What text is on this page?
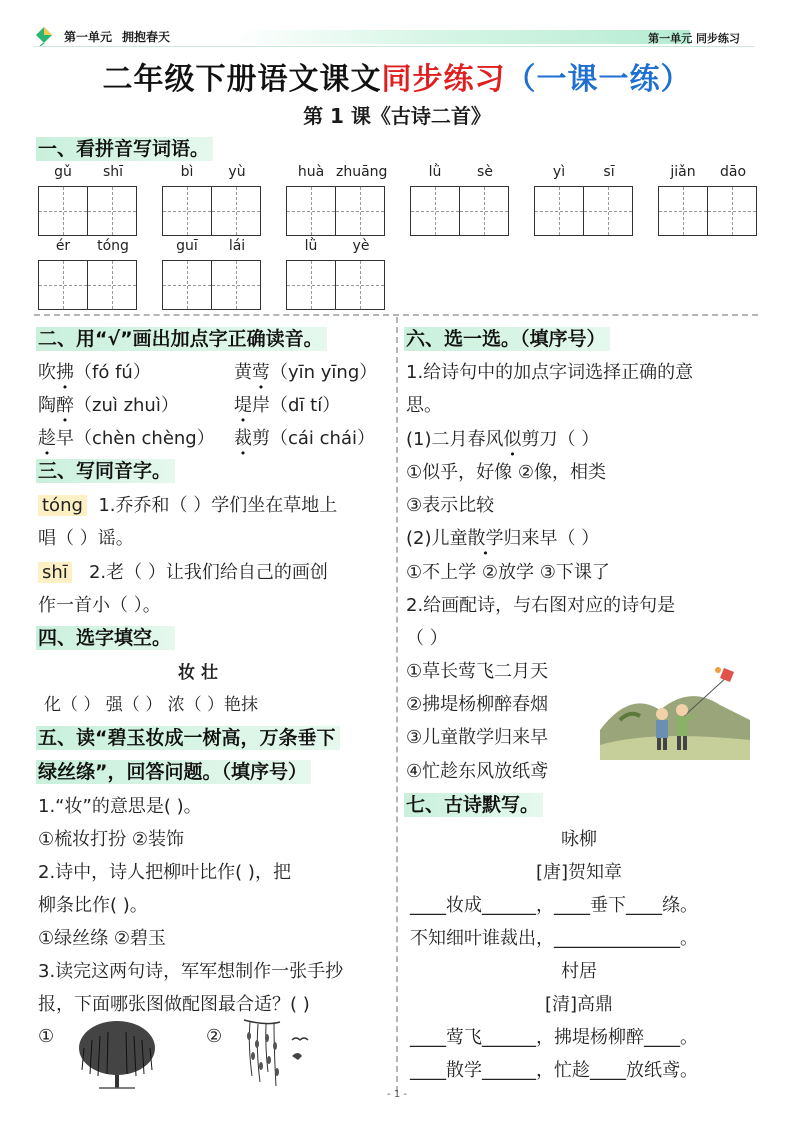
第一单元 拥抱春天	第一单元 同步练习
二年级下册语文课文同步练习（一课一练）
第 1 课《古诗二首》
一、看拼音写词语。
gǔ	shī	bì	yù	huà zhuāng	lǜ	sè	yì	sī	jiǎn	dāo
ér	tóng	guī	lái	lǜ	yè
二、用“√”画出加点字正确读音。
吹拂（fó fú）	黄莺（yīn yīng）
陶醉（zuì zhuì）	堤岸（dī tí）
趁早（chèn chèng） 裁剪（cái chái）
三、写同音字。
tóng 1.乔乔和（ ）学们坐在草地上
唱（ ）谣。
shī 2.老（ ）让我们给自己的画创
作一首小（ ）。
四、选字填空。
妆 壮
化（ ） 强（ ） 浓（ ）艳抹
五、读“碧玉妆成一树高，万条垂下
绿丝绦”，回答问题。（填序号）
1.“妆”的意思是( )。
①梳妆打扮 ②装饰
2.诗中，诗人把柳叶比作( )，把
柳条比作( )。
①绿丝绦 ②碧玉
3.读完这两句诗，军军想制作一张手抄
报，下面哪张图做配图最合适？( )
①	②
六、选一选。（填序号）
1.给诗句中的加点字词选择正确的意
思。
(1)二月春风似剪刀（ ）
①似乎，好像 ②像，相类
③表示比较
(2)儿童散学归来早（ ）
①不上学 ②放学 ③下课了
2.给画配诗，与右图对应的诗句是
（ ）
①草长莺飞二月天
②拂堤杨柳醉春烟
③儿童散学归来早
④忙趁东风放纸鸢
七、古诗默写。
咏柳
[唐]贺知章
____妆成______，____垂下____绦。
不知细叶谁裁出，______________。
村居
[清]高鼎
____莺飞______，拂堤杨柳醉____。
____散学______，忙趁____放纸鸢。
- 1 -
